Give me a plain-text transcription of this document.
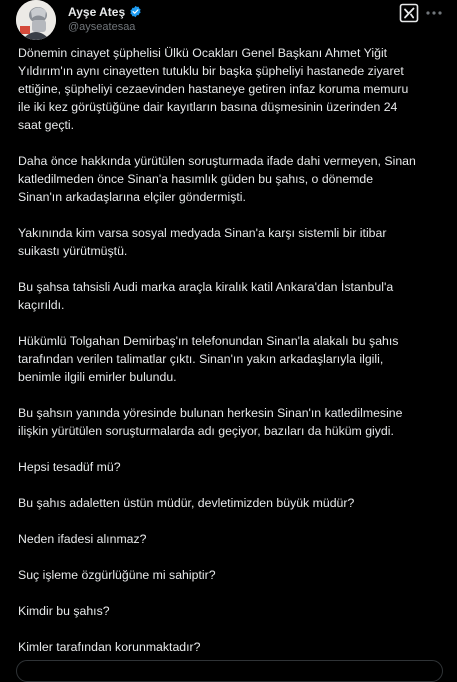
Ayşe Ateş
@ayseatesaa

Dönemin cinayet şüphelisi Ülkü Ocakları Genel Başkanı Ahmet Yiğit
Yıldırım'ın aynı cinayetten tutuklu bir başka şüpheliyi hastanede ziyaret
ettiğine, şüpheliyi cezaevinden hastaneye getiren infaz koruma memuru
ile iki kez görüştüğüne dair kayıtların basına düşmesinin üzerinden 24
saat geçti.

Daha önce hakkında yürütülen soruşturmada ifade dahi vermeyen, Sinan
katledilmeden önce Sinan'a hasımlık güden bu şahıs, o dönemde
Sinan'ın arkadaşlarına elçiler göndermişti.

Yakınında kim varsa sosyal medyada Sinan'a karşı sistemli bir itibar
suikastı yürütmüştü.

Bu şahsa tahsisli Audi marka araçla kiralık katil Ankara'dan İstanbul'a
kaçırıldı.

Hükümlü Tolgahan Demirbaş'ın telefonundan Sinan'la alakalı bu şahıs
tarafından verilen talimatlar çıktı. Sinan'ın yakın arkadaşlarıyla ilgili,
benimle ilgili emirler bulundu.

Bu şahsın yanında yöresinde bulunan herkesin Sinan'ın katledilmesine
ilişkin yürütülen soruşturmalarda adı geçiyor, bazıları da hüküm giydi.

Hepsi tesadüf mü?

Bu şahıs adaletten üstün müdür, devletimizden büyük müdür?

Neden ifadesi alınmaz?

Suç işleme özgürlüğüne mi sahiptir?

Kimdir bu şahıs?

Kimler tarafından korunmaktadır?
